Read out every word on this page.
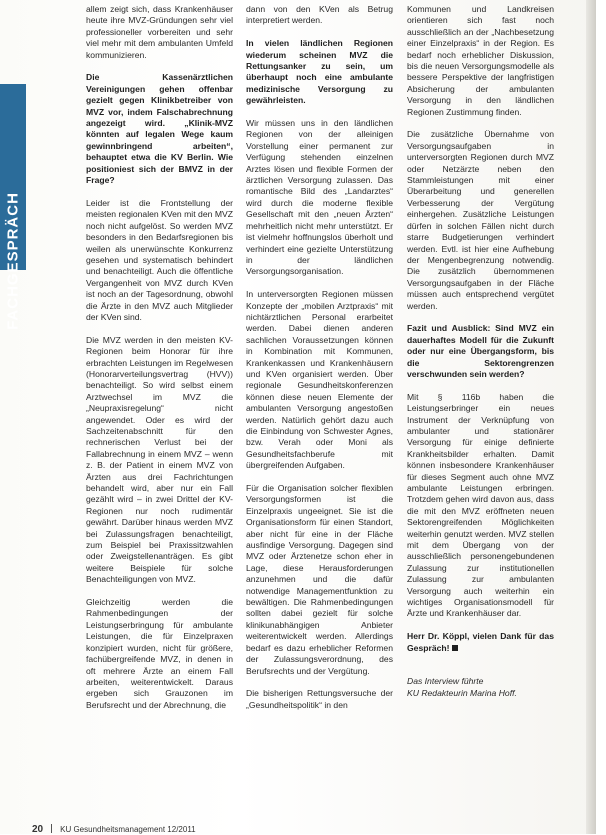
FACHGESPRÄCH

allem zeigt sich, dass Krankenhäuser heute ihre MVZ-Gründungen sehr viel professioneller vorbereiten und sehr viel mehr mit dem ambulanten Umfeld kommunizieren.

Die Kassenärztlichen Vereinigungen gehen offenbar gezielt gegen Klinikbetreiber von MVZ vor, indem Falschabrechnung angezeigt wird. „Klinik-MVZ könnten auf legalen Wege kaum gewinnbringend arbeiten“, behauptet etwa die KV Berlin. Wie positioniest sich der BMVZ in der Frage?

Leider ist die Frontstellung der meisten regionalen KVen mit den MVZ noch nicht aufgelöst. So werden MVZ besonders in den Bedarfsregionen bis weilen als unerwünschte Konkurrenz gesehen und systematisch behindert und benachteiligt. Auch die öffentliche Vergangenheit von MVZ durch KVen ist noch an der Tagesordnung, obwohl die Ärzte in den MVZ auch Mitglieder der KVen sind.

Die MVZ werden in den meisten KV-Regionen beim Honorar für ihre erbrachten Leistungen im Regelwesen (Honorarverteilungsvertrag (HVV)) benachteiligt. So wird selbst einem Arztwechsel im MVZ die „Neupraxisregelung“ nicht angewendet. Oder es wird der Sachzeitenabschnitt für den rechnerischen Verlust bei der Fallabrechnung in einem MVZ – wenn z. B. der Patient in einem MVZ von Ärzten aus drei Fachrichtungen behandelt wird, aber nur ein Fall gezählt wird – in zwei Drittel der KV-Regionen nur noch rudimentär gewährt. Darüber hinaus werden MVZ bei Zulassungsfragen benachteiligt, zum Beispiel bei Praxissitzwahlen oder Zweigstellenanträgen. Es gibt weitere Beispiele für solche Benachteiligungen von MVZ.

Gleichzeitig werden die Rahmenbedingungen der Leistungserbringung für ambulante Leistungen, die für Einzelpraxen konzipiert wurden, nicht für größere, fachübergreifende MVZ, in denen in oft mehrere Ärzte an einem Fall arbeiten, weiterentwickelt. Daraus ergeben sich Grauzonen im Berufsrecht und der Abrechnung, die

dann von den KVen als Betrug interpretiert werden.

In vielen ländlichen Regionen wiederum scheinen MVZ die Rettungsanker zu sein, um überhaupt noch eine ambulante medizinische Versorgung zu gewährleisten.

Wir müssen uns in den ländlichen Regionen von der alleinigen Vorstellung einer permanent zur Verfügung stehenden einzelnen Arztes lösen und flexible Formen der ärztlichen Versorgung zulassen. Das romantische Bild des „Landarztes“ wird durch die moderne flexible Gesellschaft mit den „neuen Ärzten“ mehrheitlich nicht mehr unterstützt. Er ist vielmehr hoffnungslos überholt und verhindert eine gezielte Unterstützung in der ländlichen Versorgungsorganisation.

In unterversorgten Regionen müssen Konzepte der „mobilen Arztpraxis“ mit nichtärztlichen Personal erarbeitet werden. Dabei dienen anderen sachlichen Voraussetzungen können in Kombination mit Kommunen, Krankenkassen und Krankenhäusern und KVen organisiert werden. Über regionale Gesundheitskonferenzen können diese neuen Elemente der ambulanten Versorgung angestoßen werden. Natürlich gehört dazu auch die Einbindung von Schwester Agnes, bzw. Verah oder Moni als Gesundheitsfachberufe mit übergreifenden Aufgaben.

Für die Organisation solcher flexiblen Versorgungsformen ist die Einzelpraxis ungeeignet. Sie ist die Organisationsform für einen Standort, aber nicht für eine in der Fläche ausfindige Versorgung. Dagegen sind MVZ oder Ärztenetze schon eher in Lage, diese Herausforderungen anzunehmen und die dafür notwendige Managementfunktion zu bewältigen. Die Rahmenbedingungen sollten dabei gezielt für solche klinikunabhängigen Anbieter weiterentwickelt werden. Allerdings bedarf es dazu erheblicher Reformen der Zulassungsverordnung, des Berufsrechts und der Vergütung.

Die bisherigen Rettungsversuche der „Gesundheitspolitik“ in den

Kommunen und Landkreisen orientieren sich fast noch ausschließlich an der „Nachbesetzung einer Einzelpraxis“ in der Region. Es bedarf noch erheblicher Diskussion, bis die neuen Versorgungsmodelle als bessere Perspektive der langfristigen Absicherung der ambulanten Versorgung in den ländlichen Regionen Zustimmung finden.

Die zusätzliche Übernahme von Versorgungsaufgaben in unterversorgten Regionen durch MVZ oder Netzärzte neben den Stammleistungen mit einer Überarbeitung und generellen Verbesserung der Vergütung einhergehen. Zusätzliche Leistungen dürfen in solchen Fällen nicht durch starre Budgetierungen verhindert werden. Evtl. ist hier eine Aufhebung der Mengenbegrenzung notwendig. Die zusätzlich übernommenen Versorgungsaufgaben in der Fläche müssen auch entsprechend vergütet werden.

Fazit und Ausblick: Sind MVZ ein dauerhaftes Modell für die Zukunft oder nur eine Übergangsform, bis die Sektorengrenzen verschwunden sein werden?

Mit § 116b haben die Leistungserbringer ein neues Instrument der Verknüpfung von ambulanter und stationärer Versorgung für einige definierte Krankheitsbilder erhalten. Damit können insbesondere Krankenhäuser für dieses Segment auch ohne MVZ ambulante Leistungen erbringen. Trotzdem gehen wird davon aus, dass die mit den MVZ eröffneten neuen Sektorengreifenden Möglichkeiten weiterhin genutzt werden. MVZ stellen mit dem Übergang von der ausschließlich personengebundenen Zulassung zur institutionellen Zulassung zur ambulanten Versorgung auch weiterhin ein wichtiges Organisationsmodell für Ärzte und Krankenhäuser dar.

Herr Dr. Köppl, vielen Dank für das Gespräch!

Das Interview führte

KU Redakteurin Marina Hoff.

20 KU Gesundheitsmanagement 12/2011
